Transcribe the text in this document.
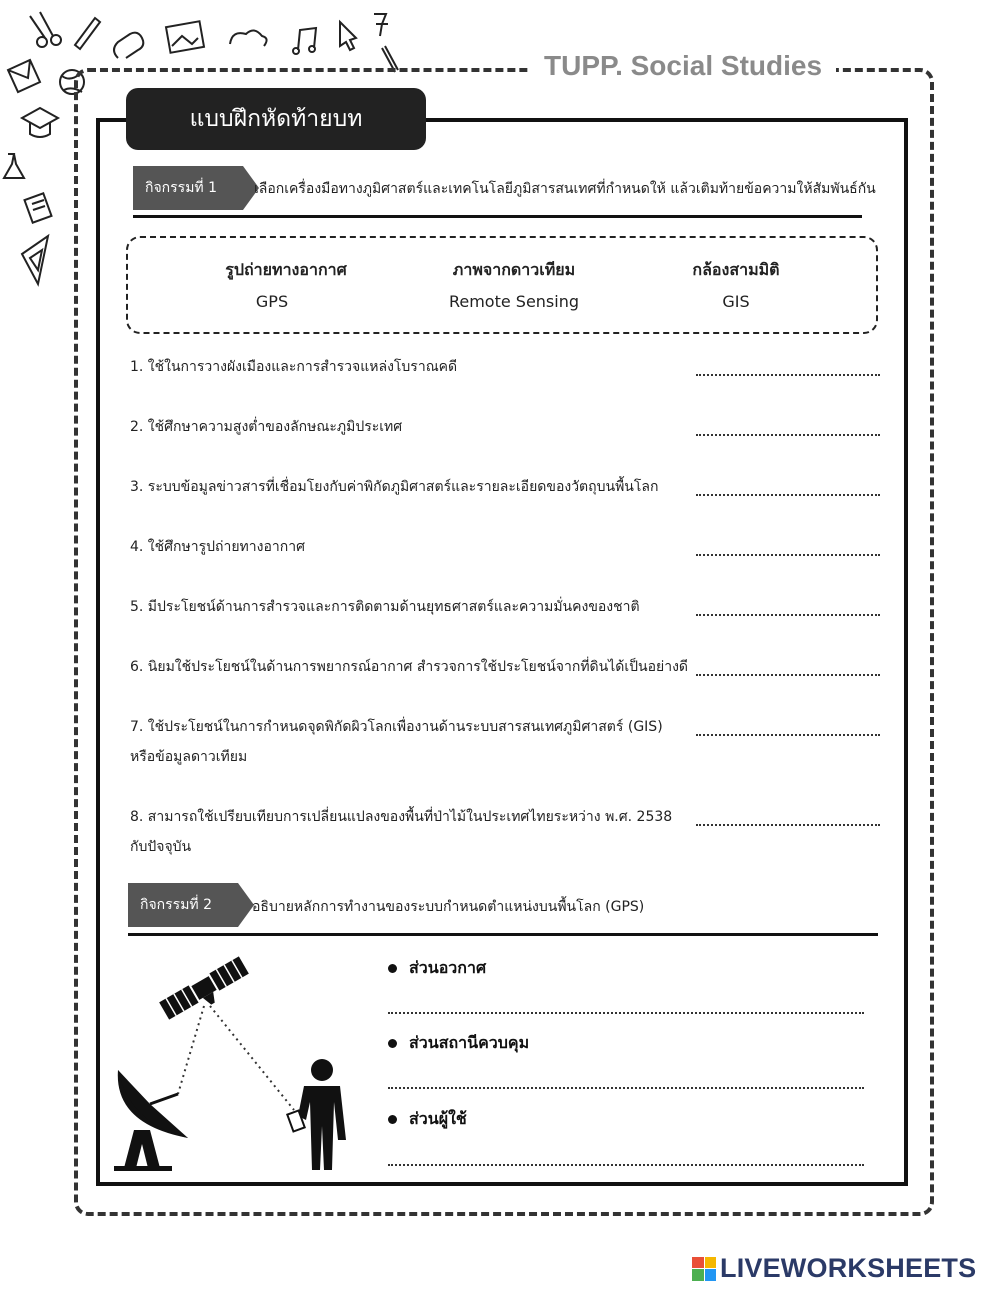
TUPP. Social Studies
แบบฝึกหัดท้ายบท
กิจกรรมที่ 1	เลือกเครื่องมือทางภูมิศาสตร์และเทคโนโลยีภูมิสารสนเทศที่กำหนดให้ แล้วเติมท้ายข้อความให้สัมพันธ์กัน
รูปถ่ายทางอากาศ	ภาพจากดาวเทียม	กล้องสามมิติ
GPS	Remote Sensing	GIS
1. ใช้ในการวางผังเมืองและการสำรวจแหล่งโบราณคดี
2. ใช้ศึกษาความสูงต่ำของลักษณะภูมิประเทศ
3. ระบบข้อมูลข่าวสารที่เชื่อมโยงกับค่าพิกัดภูมิศาสตร์และรายละเอียดของวัตถุบนพื้นโลก
4. ใช้ศึกษารูปถ่ายทางอากาศ
5. มีประโยชน์ด้านการสำรวจและการติดตามด้านยุทธศาสตร์และความมั่นคงของชาติ
6. นิยมใช้ประโยชน์ในด้านการพยากรณ์อากาศ สำรวจการใช้ประโยชน์จากที่ดินได้เป็นอย่างดี
7. ใช้ประโยชน์ในการกำหนดจุดพิกัดผิวโลกเพื่องานด้านระบบสารสนเทศภูมิศาสตร์ (GIS)
หรือข้อมูลดาวเทียม
8. สามารถใช้เปรียบเทียบการเปลี่ยนแปลงของพื้นที่ป่าไม้ในประเทศไทยระหว่าง พ.ศ. 2538
กับปัจจุบัน
กิจกรรมที่ 2	อธิบายหลักการทำงานของระบบกำหนดตำแหน่งบนพื้นโลก (GPS)
ส่วนอวกาศ
ส่วนสถานีควบคุม
ส่วนผู้ใช้
LIVEWORKSHEETS
